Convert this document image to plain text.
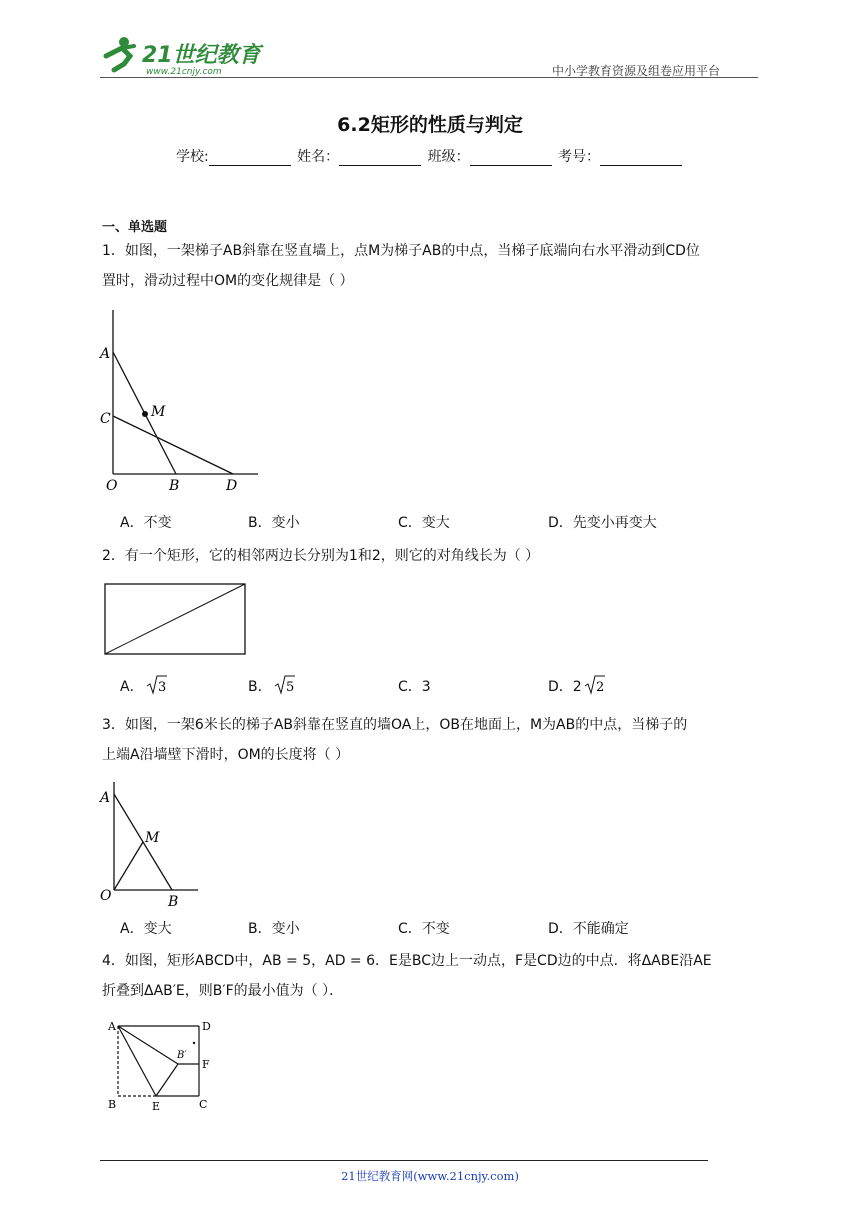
21世纪教育
www.21cnjy.com	中小学教育资源及组卷应用平台
6.2矩形的性质与判定
学校:	姓名：	班级：	考号：
一、单选题
1．如图，一架梯子AB斜靠在竖直墙上，点M为梯子AB的中点，当梯子底端向右水平滑动到CD位
置时，滑动过程中OM的变化规律是（ ）
A
C	M
O	B	D
A．不变	B．变小	C．变大	D．先变小再变大
2．有一个矩形，它的相邻两边长分别为1和2，则它的对角线长为（ ）
A．	B．	C．3	D．2
3	5	2
3．如图，一架6米长的梯子AB斜靠在竖直的墙OA上，OB在地面上，M为AB的中点，当梯子的
上端A沿墙壁下滑时，OM的长度将（ ）
A
M
O	B
A．变大	B．变小	C．不变	D．不能确定
4．如图，矩形ABCD中，AB = 5，AD = 6．E是BC边上一动点，F是CD边的中点．将ΔABE沿AE
折叠到ΔAB′E，则B′F的最小值为（ ）．
A	D
B′
F
B	E	C
21世纪教育网(www.21cnjy.com)
